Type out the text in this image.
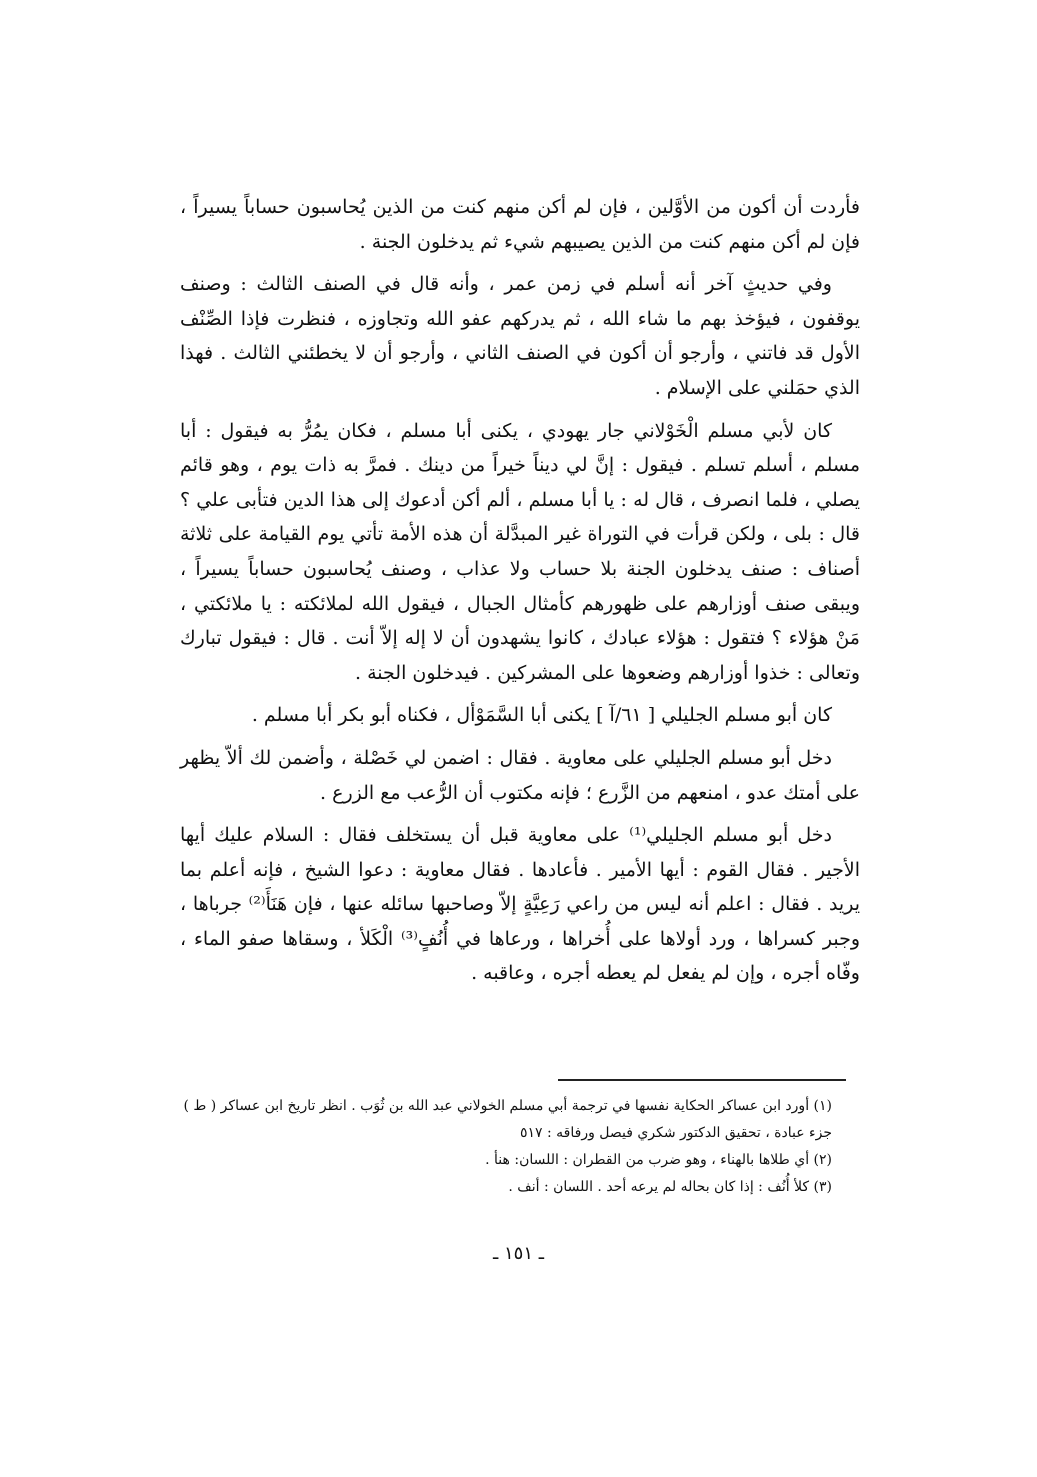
فأردت أن أكون من الأوَّلين ، فإن لم أكن منهم كنت من الذين يُحاسبون حساباً يسيراً ، فإن لم أكن منهم كنت من الذين يصيبهم شيء ثم يدخلون الجنة .

وفي حديثٍ آخر أنه أسلم في زمن عمر ، وأنه قال في الصنف الثالث : وصنف يوقفون ، فيؤخذ بهم ما شاء الله ، ثم يدركهم عفو الله وتجاوزه ، فنظرت فإذا الصِّنْف الأول قد فاتني ، وأرجو أن أكون في الصنف الثاني ، وأرجو أن لا يخطئني الثالث . فهذا الذي حمَلني على الإسلام .

كان لأبي مسلم الْخَوْلاني جار يهودي ، يكنى أبا مسلم ، فكان يمُرُّ به فيقول : أبا مسلم ، أسلم تسلم . فيقول : إنَّ لي ديناً خيراً من دينك . فمرَّ به ذات يوم ، وهو قائم يصلي ، فلما انصرف ، قال له : يا أبا مسلم ، ألم أكن أدعوك إلى هذا الدين فتأبى علي ؟ قال : بلى ، ولكن قرأت في التوراة غير المبدَّلة أن هذه الأمة تأتي يوم القيامة على ثلاثة أصناف : صنف يدخلون الجنة بلا حساب ولا عذاب ، وصنف يُحاسبون حساباً يسيراً ، ويبقى صنف أوزارهم على ظهورهم كأمثال الجبال ، فيقول الله لملائكته : يا ملائكتي ، مَنْ هؤلاء ؟ فتقول : هؤلاء عبادك ، كانوا يشهدون أن لا إله إلاّ أنت . قال : فيقول تبارك وتعالى : خذوا أوزارهم وضعوها على المشركين . فيدخلون الجنة .

كان أبو مسلم الجليلي [ ٦١/آ ] يكنى أبا السَّمَوْأل ، فكناه أبو بكر أبا مسلم .

دخل أبو مسلم الجليلي على معاوية . فقال : اضمن لي خَصْلة ، وأضمن لك ألاّ يظهر على أمتك عدو ، امنعهم من الزَّرع ؛ فإنه مكتوب أن الرُّعب مع الزرع .

دخل أبو مسلم الجليلي⁽¹⁾ على معاوية قبل أن يستخلف فقال : السلام عليك أيها الأجير . فقال القوم : أيها الأمير . فأعادها . فقال معاوية : دعوا الشيخ ، فإنه أعلم بما يريد . فقال : اعلم أنه ليس من راعي رَعِيَّةٍ إلاّ وصاحبها سائله عنها ، فإن هَنَأَ⁽²⁾ جرباها ، وجبر كسراها ، ورد أولاها على أُخراها ، ورعاها في أُنُفٍ⁽³⁾ الْكَلأ ، وسقاها صفو الماء ، وفّاه أجره ، وإن لم يفعل لم يعطه أجره ، وعاقبه .

(١) أورد ابن عساكر الحكاية نفسها في ترجمة أبي مسلم الخولاني عبد الله بن ثُوَب . انظر تاريخ ابن عساكر ( ط ) جزء عبادة ، تحقيق الدكتور شكري فيصل ورفاقه : ٥١٧

(٢) أي طلاها بالهناء ، وهو ضرب من القطران : اللسان: هنأ .

(٣) كلأ أُنُف : إذا كان بحاله لم يرعه أحد . اللسان : أنف .

ـ ١٥١ ـ
